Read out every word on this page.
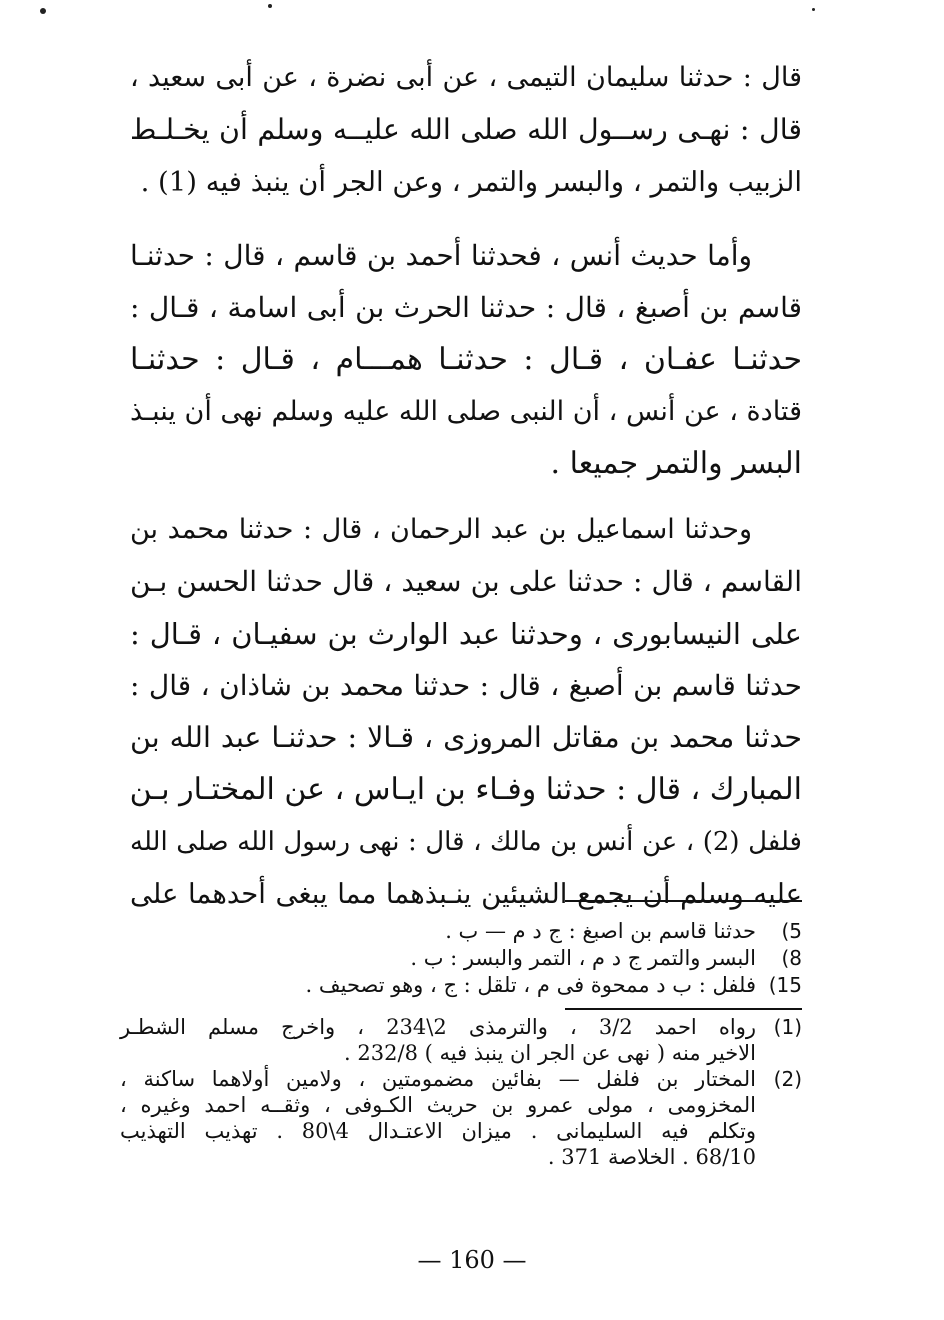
قال : حدثنا سليمان التيمى ، عن أبى نضرة ، عن أبى سعيد ،
قال : نهـى رســول الله صلى الله عليــه وسلم أن يخـلـط
الزبيب والتمر ، والبسر والتمر ، وعن الجر أن ينبذ فيه (1) .

وأما حديث أنس ، فحدثنا أحمد بن قاسم ، قال : حدثنـا
قاسم بن أصبغ ، قال : حدثنا الحرث بن أبى اسامة ، قـال :
حدثنـا عفـان ، قـال : حدثنـا همـــام ، قـال : حدثنـا
قتادة ، عن أنس ، أن النبى صلى الله عليه وسلم نهى أن ينبـذ
البسر والتمر جميعا .

وحدثنا اسماعيل بن عبد الرحمان ، قال : حدثنا محمد بن
القاسم ، قال : حدثنا على بن سعيد ، قال حدثنا الحسن بـن
على النيسابورى ، وحدثنا عبد الوارث بن سفيـان ، قـال :
حدثنا قاسم بن أصبغ ، قال : حدثنا محمد بن شاذان ، قال :
حدثنا محمد بن مقاتل المروزى ، قـالا : حدثنـا عبد الله بن
المبارك ، قال : حدثنا وفـاء بن ايـاس ، عن المختـار بـن
فلفل (2) ، عن أنس بن مالك ، قال : نهى رسول الله صلى الله
عليه وسلم أن يجمع الشيئين ينـبذهما مما يبغى أحدهما على

5)
حدثنا قاسم بن اصبغ : ج د م — ب .
8)
البسر والتمر ج د م ، التمر والبسر : ب .
15)
فلفل : ب د ممحوة فى م ، تلقل : ج ، وهو تصحيف .
(1)
رواه احمد 3/2 ، والترمذى 2\234 ، واخرج مسلم الشطـر
الاخير منه ( نهى عن الجر ان ينبذ فيه ) 232/8 .
(2)
المختار بن فلفل — بفائين مضمومتين ، ولامين أولاهما ساكنة ،
المخزومى ، مولى عمرو بن حريث الكـوفى ، وثقــه احمد وغيره ،
وتكلم فيه السليمانى . ميزان الاعتـدال 4\80 . تهذيب التهذيب
68/10 . الخلاصة 371 .
— 160 —
